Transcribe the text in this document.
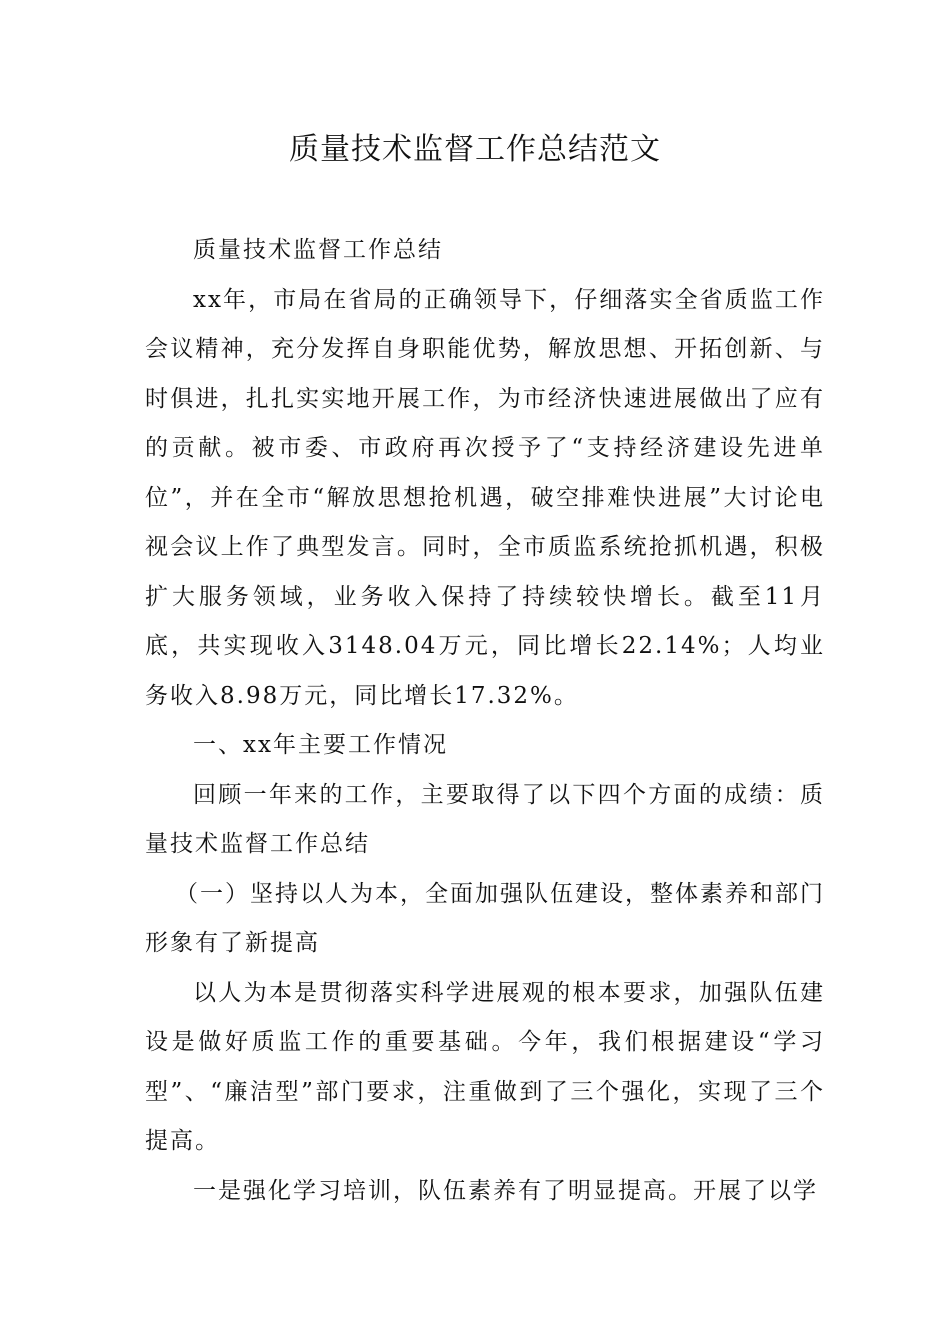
质量技术监督工作总结范文

质量技术监督工作总结

xx年，市局在省局的正确领导下，仔细落实全省质监工作会议精神，充分发挥自身职能优势，解放思想、开拓创新、与时俱进，扎扎实实地开展工作，为市经济快速进展做出了应有的贡献。被市委、市政府再次授予了“支持经济建设先进单位”，并在全市“解放思想抢机遇，破空排难快进展”大讨论电视会议上作了典型发言。同时，全市质监系统抢抓机遇，积极扩大服务领域，业务收入保持了持续较快增长。截至11月底，共实现收入3148.04万元，同比增长22.14%；人均业务收入8.98万元，同比增长17.32%。

一、xx年主要工作情况

回顾一年来的工作，主要取得了以下四个方面的成绩：质量技术监督工作总结

（一）坚持以人为本，全面加强队伍建设，整体素养和部门形象有了新提高

以人为本是贯彻落实科学进展观的根本要求，加强队伍建设是做好质监工作的重要基础。今年，我们根据建设“学习型”、“廉洁型”部门要求，注重做到了三个强化，实现了三个提高。

一是强化学习培训，队伍素养有了明显提高。开展了以学
